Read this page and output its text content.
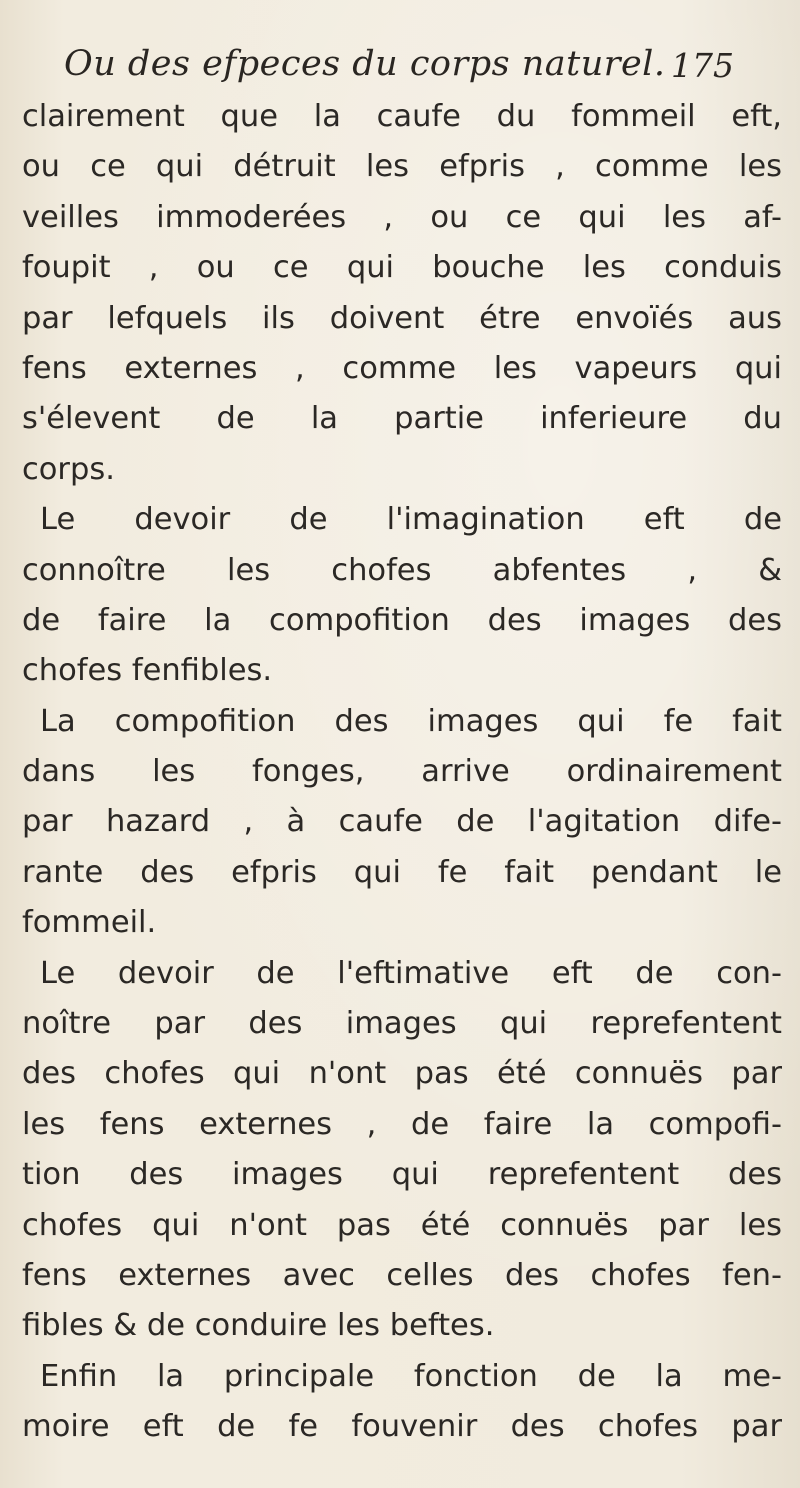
Ou des efpeces du corps naturel. 175
clairement que la caufe du fommeil eft,
ou ce qui détruit les efpris , comme les
veilles immoderées , ou ce qui les af-
foupit , ou ce qui bouche les conduis
par lefquels ils doivent étre envoïés aus
fens externes , comme les vapeurs qui
s'élevent de la partie inferieure du
corps.
Le devoir de l'imagination eft de
connoître les chofes abfentes , &
de faire la compofition des images des
chofes fenfibles.
La compofition des images qui fe fait
dans les fonges, arrive ordinairement
par hazard , à caufe de l'agitation dife-
rante des efpris qui fe fait pendant le
fommeil.
Le devoir de l'eftimative eft de con-
noître par des images qui reprefentent
des chofes qui n'ont pas été connuës par
les fens externes , de faire la compofi-
tion des images qui reprefentent des
chofes qui n'ont pas été connuës par les
fens externes avec celles des chofes fen-
fibles & de conduire les beftes.
Enfin la principale fonction de la me-
moire eft de fe fouvenir des chofes par
